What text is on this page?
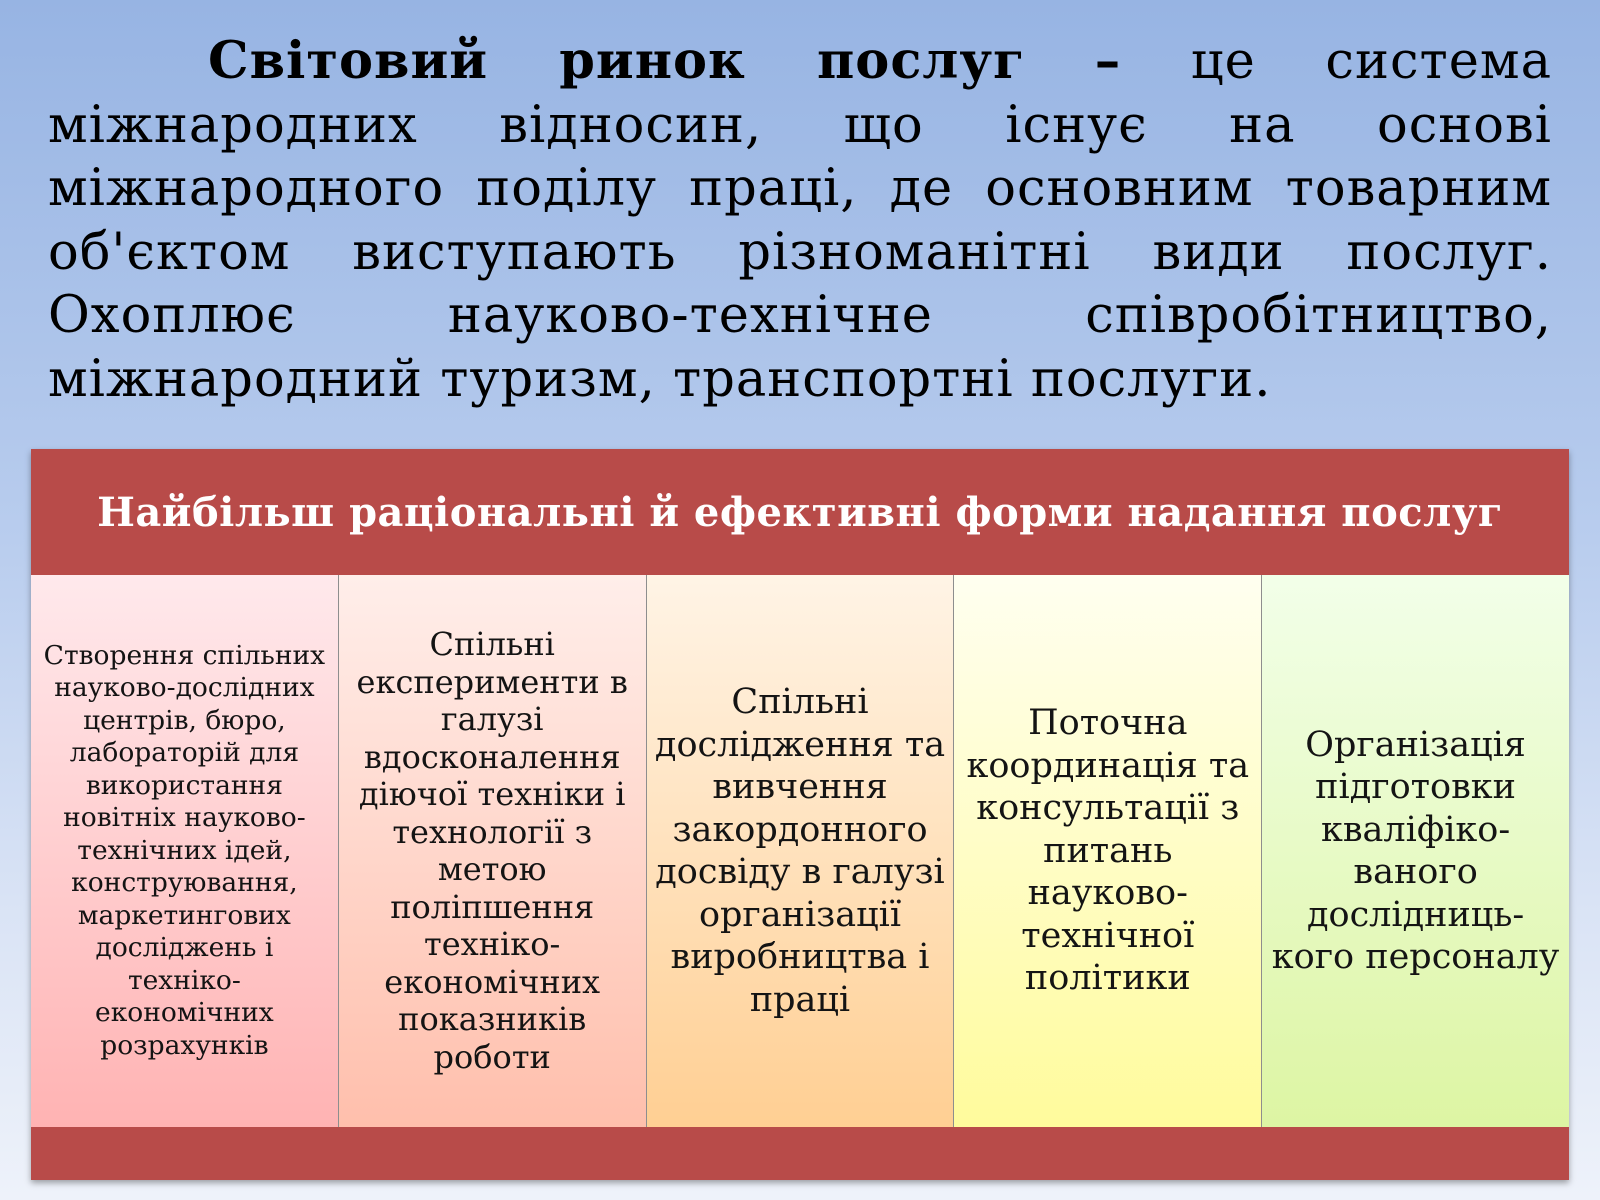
Світовий ринок послуг – це система міжнародних відносин, що існує на основі міжнародного поділу праці, де основним товарним об'єктом виступають різноманітні види послуг. Охоплює науково-технічне співробітництво, міжнародний туризм, транспортні послуги.

Найбільш раціональні й ефективні форми надання послуг
Створення спільних науково-дослідних центрів, бюро, лабораторій для використання новітніх науково-технічних ідей, конструювання, маркетингових досліджень і техніко-економічних розрахунків
Спільні експерименти в галузі вдосконалення діючої техніки і технології з метою поліпшення техніко-економічних показників роботи
Спільні дослідження та вивчення закордонного досвіду в галузі організації виробництва і праці
Поточна координація та консультації з питань науково-технічної політики
Організація підготовки кваліфіко-ваного дослідниць-кого персоналу
